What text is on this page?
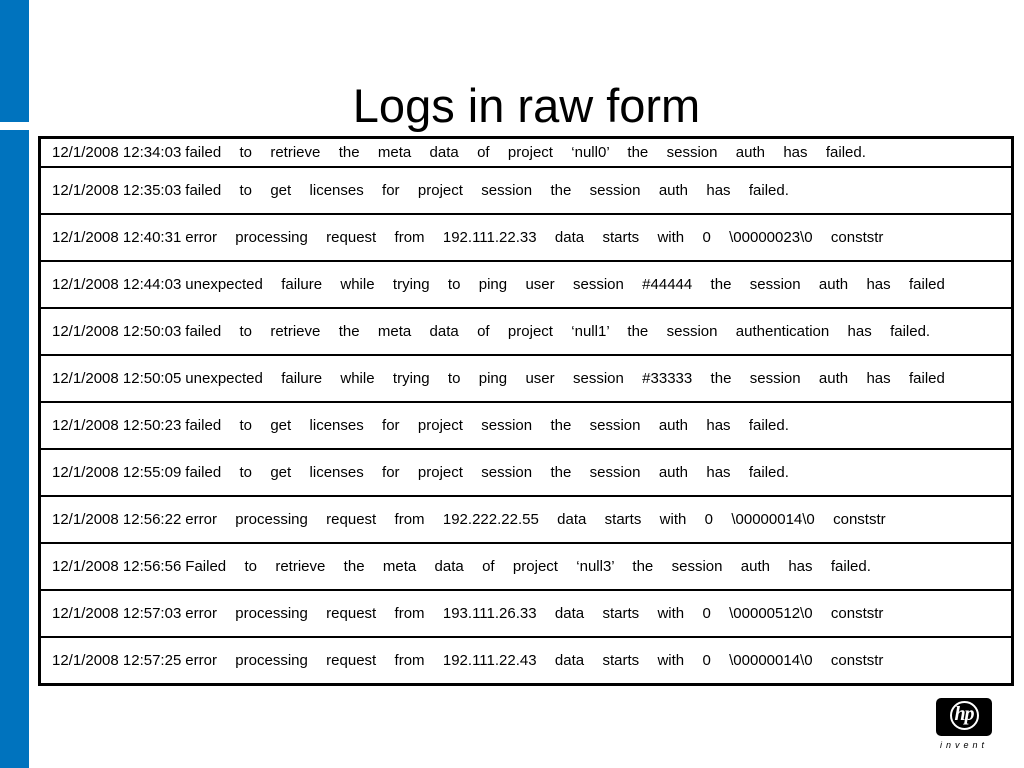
Logs in raw form
12/1/2008 12:34:03 failed  to  retrieve  the  meta  data  of  project  ‘null0’  the  session  auth  has  failed.
12/1/2008 12:35:03 failed  to  get  licenses  for  project  session  the  session  auth  has  failed.
12/1/2008 12:40:31 error  processing  request  from  192.111.22.33  data  starts  with  0  \00000023\0  conststr
12/1/2008 12:44:03 unexpected  failure  while  trying  to  ping  user  session  #44444  the  session  auth  has  failed
12/1/2008 12:50:03 failed  to  retrieve  the  meta  data  of  project  ‘null1’  the  session  authentication  has  failed.
12/1/2008 12:50:05 unexpected  failure  while  trying  to  ping  user  session  #33333  the  session  auth  has  failed
12/1/2008 12:50:23 failed  to  get  licenses  for  project  session  the  session  auth  has  failed.
12/1/2008 12:55:09 failed  to  get  licenses  for  project  session  the  session  auth  has  failed.
12/1/2008 12:56:22 error  processing  request  from  192.222.22.55  data  starts  with  0  \00000014\0  conststr
12/1/2008 12:56:56 Failed  to  retrieve  the  meta  data  of  project  ‘null3’  the  session  auth  has  failed.
12/1/2008 12:57:03 error  processing  request  from  193.111.26.33  data  starts  with  0  \00000512\0  conststr
12/1/2008 12:57:25 error  processing  request  from  192.111.22.43  data  starts  with  0  \00000014\0  conststr
hp
invent
